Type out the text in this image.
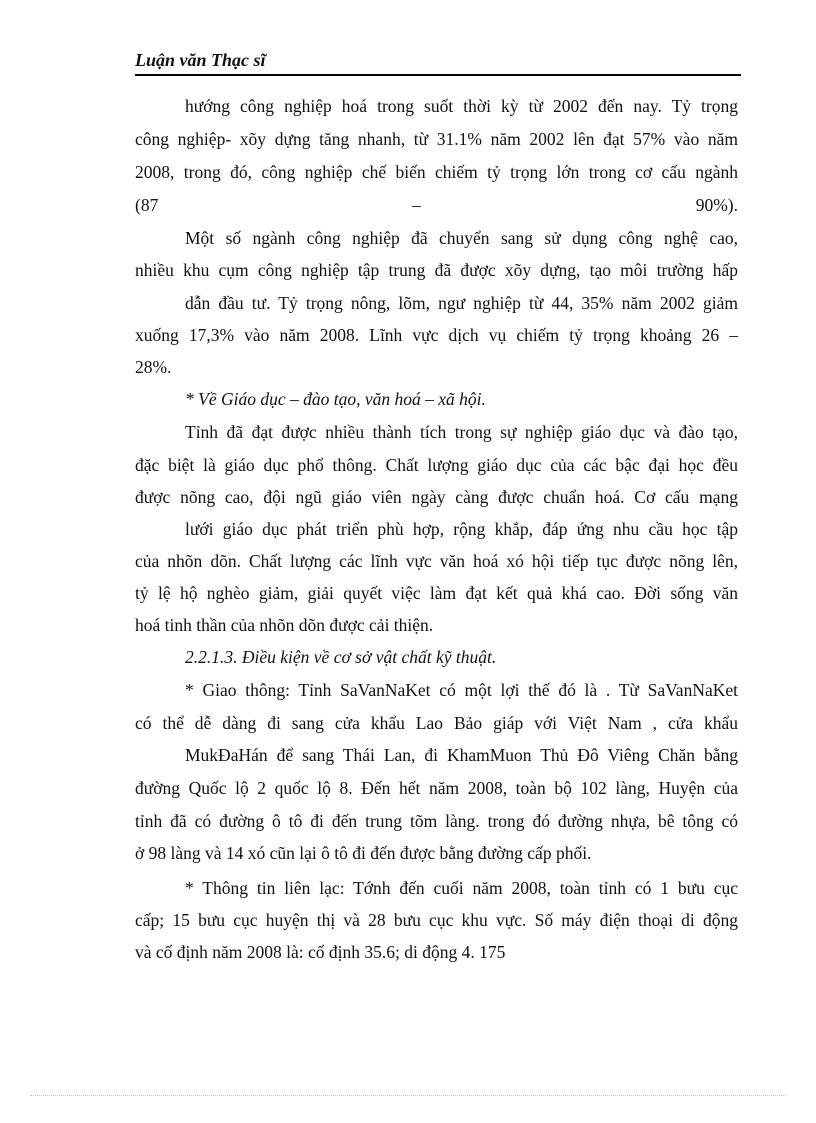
Luận văn Thạc sĩ
hướng công nghiệp hoá trong suốt thời kỳ từ 2002 đến nay. Tỷ trọng
công nghiệp- xõy dựng tăng nhanh, từ 31.1% năm 2002 lên đạt 57% vào năm
2008, trong đó, công nghiệp chế biến chiếm tỷ trọng lớn trong cơ cấu ngành
(87	–	90%).
Một số ngành công nghiệp đã chuyển sang sử dụng công nghệ cao,
nhiều khu cụm công nghiệp tập trung đã được xõy dựng, tạo môi trường hấp
dẫn đầu tư. Tỷ trọng nông, lõm, ngư nghiệp từ 44, 35% năm 2002 giảm
xuống 17,3% vào năm 2008. Lĩnh vực dịch vụ chiếm tỷ trọng khoảng 26 –
28%.
* Về Giáo dục – đào tạo, văn hoá – xã hội.
Tỉnh đã đạt được nhiều thành tích trong sự nghiệp giáo dục và đào tạo,
đặc biệt là giáo dục phổ thông. Chất lượng giáo dục của các bậc đại học đều
được nõng cao, đội ngũ giáo viên ngày càng được chuẩn hoá. Cơ cấu mạng
lưới giáo dục phát triển phù hợp, rộng khắp, đáp ứng nhu cầu học tập
của nhõn dõn. Chất lượng các lĩnh vực văn hoá xó hội tiếp tục được nõng lên,
tỷ lệ hộ nghèo giảm, giải quyết việc làm đạt kết quả khá cao. Đời sống văn
hoá tinh thần của nhõn dõn được cải thiện.
2.2.1.3. Điều kiện về cơ sở vật chất kỹ thuật.
* Giao thông: Tỉnh SaVanNaKet có một lợi thế đó là . Từ SaVanNaKet
có thể dễ dàng đi sang cửa khẩu Lao Bảo giáp với Việt Nam , cửa khẩu
MukĐaHán để sang Thái Lan, đi KhamMuon Thủ Đô Viêng Chăn bằng
đường Quốc lộ 2 quốc lộ 8. Đến hết năm 2008, toàn bộ 102 làng, Huyện của
tỉnh đã có đường ô tô đi đến trung tõm làng. trong đó đường nhựa, bê tông có
ở 98 làng và 14 xó cũn lại ô tô đi đến được bằng đường cấp phối.
* Thông tin liên lạc: Tớnh đến cuối năm 2008, toàn tỉnh có 1 bưu cục
cấp; 15 bưu cục huyện thị và 28 bưu cục khu vực. Số máy điện thoại di động
và cố định năm 2008 là: cố định 35.6; di động 4. 175
